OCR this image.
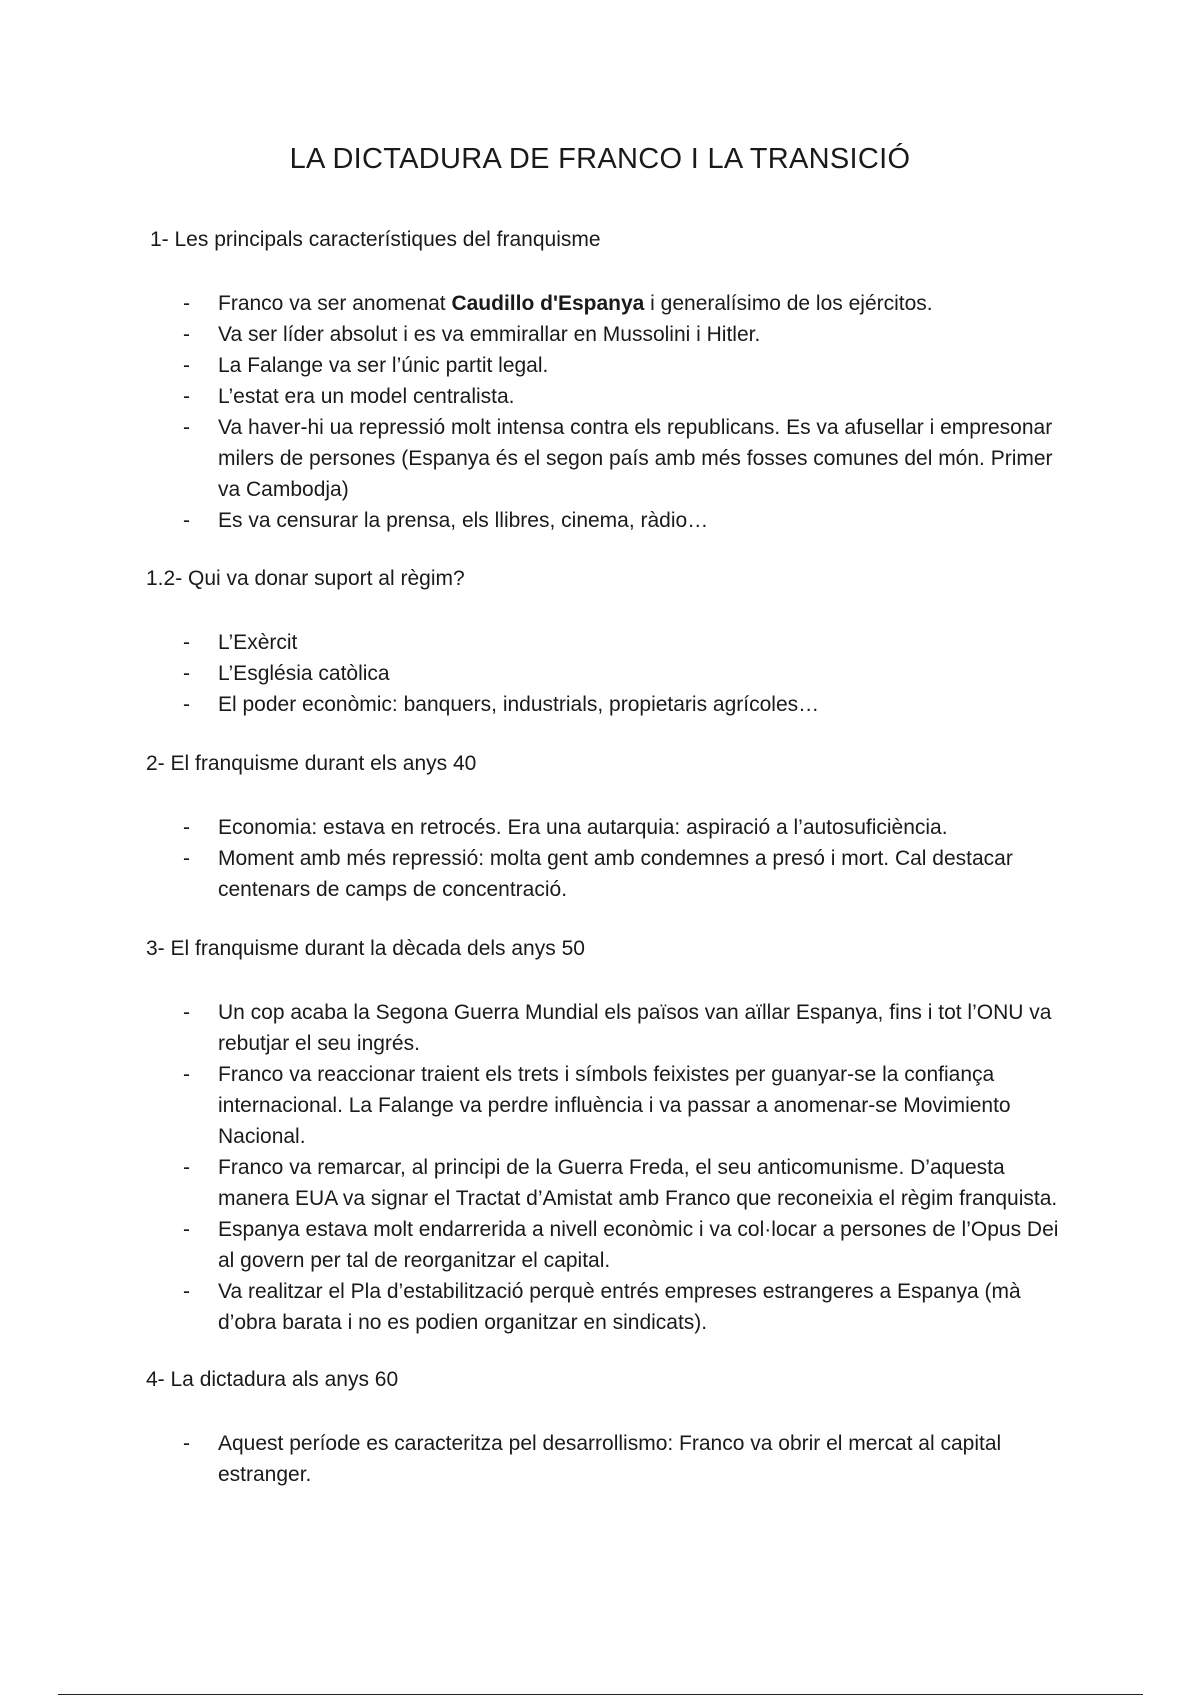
LA DICTADURA DE FRANCO I LA TRANSICIÓ
1- Les principals característiques del franquisme
- Franco va ser anomenat Caudillo d'Espanya i generalísimo de los ejércitos.
- Va ser líder absolut i es va emmirallar en Mussolini i Hitler.
- La Falange va ser l’únic partit legal.
- L’estat era un model centralista.
- Va haver-hi ua repressió molt intensa contra els republicans. Es va afusellar i empresonar milers de persones (Espanya és el segon país amb més fosses comunes del món. Primer va Cambodja)
- Es va censurar la prensa, els llibres, cinema, ràdio…
1.2- Qui va donar suport al règim?
- L’Exèrcit
- L’Església catòlica
- El poder econòmic: banquers, industrials, propietaris agrícoles…
2- El franquisme durant els anys 40
- Economia: estava en retrocés. Era una autarquia: aspiració a l’autosuficiència.
- Moment amb més repressió: molta gent amb condemnes a presó i mort. Cal destacar centenars de camps de concentració.
3- El franquisme durant la dècada dels anys 50
- Un cop acaba la Segona Guerra Mundial els països van aïllar Espanya, fins i tot l’ONU va rebutjar el seu ingrés.
- Franco va reaccionar traient els trets i símbols feixistes per guanyar-se la confiança internacional. La Falange va perdre influència i va passar a anomenar-se Movimiento Nacional.
- Franco va remarcar, al principi de la Guerra Freda, el seu anticomunisme. D’aquesta manera EUA va signar el Tractat d’Amistat amb Franco que reconeixia el règim franquista.
- Espanya estava molt endarrerida a nivell econòmic i va col·locar a persones de l’Opus Dei al govern per tal de reorganitzar el capital.
- Va realitzar el Pla d’estabilització perquè entrés empreses estrangeres a Espanya (mà d’obra barata i no es podien organitzar en sindicats).
4- La dictadura als anys 60
- Aquest període es caracteritza pel desarrollismo: Franco va obrir el mercat al capital estranger.
